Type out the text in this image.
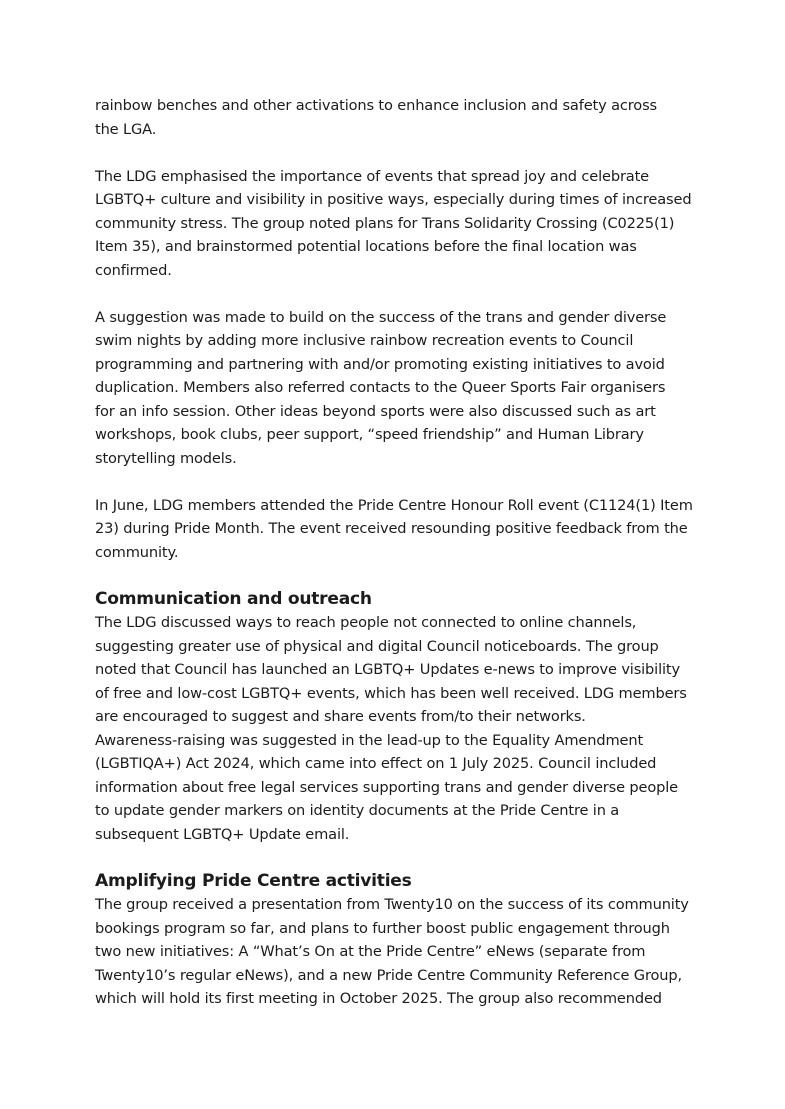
rainbow benches and other activations to enhance inclusion and safety across
the LGA.

The LDG emphasised the importance of events that spread joy and celebrate
LGBTQ+ culture and visibility in positive ways, especially during times of increased
community stress. The group noted plans for Trans Solidarity Crossing (C0225(1)
Item 35), and brainstormed potential locations before the final location was
confirmed.

A suggestion was made to build on the success of the trans and gender diverse
swim nights by adding more inclusive rainbow recreation events to Council
programming and partnering with and/or promoting existing initiatives to avoid
duplication. Members also referred contacts to the Queer Sports Fair organisers
for an info session. Other ideas beyond sports were also discussed such as art
workshops, book clubs, peer support, “speed friendship” and Human Library
storytelling models.

In June, LDG members attended the Pride Centre Honour Roll event (C1124(1) Item
23) during Pride Month. The event received resounding positive feedback from the
community.

Communication and outreach

The LDG discussed ways to reach people not connected to online channels,
suggesting greater use of physical and digital Council noticeboards. The group
noted that Council has launched an LGBTQ+ Updates e-news to improve visibility
of free and low-cost LGBTQ+ events, which has been well received. LDG members
are encouraged to suggest and share events from/to their networks.
Awareness-raising was suggested in the lead-up to the Equality Amendment
(LGBTIQA+) Act 2024, which came into effect on 1 July 2025. Council included
information about free legal services supporting trans and gender diverse people
to update gender markers on identity documents at the Pride Centre in a
subsequent LGBTQ+ Update email.

Amplifying Pride Centre activities

The group received a presentation from Twenty10 on the success of its community
bookings program so far, and plans to further boost public engagement through
two new initiatives: A “What’s On at the Pride Centre” eNews (separate from
Twenty10’s regular eNews), and a new Pride Centre Community Reference Group,
which will hold its first meeting in October 2025. The group also recommended
